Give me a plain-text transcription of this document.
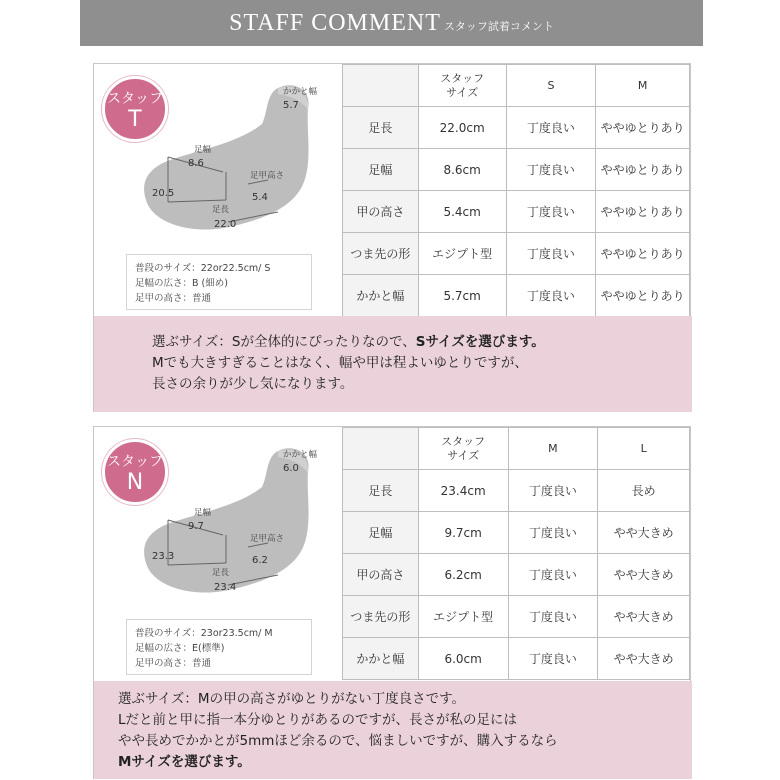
STAFF COMMENT スタッフ試着コメント
かかと幅
5.7
足幅
8.6
20.5
足甲高さ
5.4
足長
22.0
スタッフ
T
普段のサイズ：22or22.5cm/ S
足幅の広さ：B (細め)
足甲の高さ：普通
	スタッフ
サイズ	S	M
足長	22.0cm	丁度良い	ややゆとりあり
足幅	8.6cm	丁度良い	ややゆとりあり
甲の高さ	5.4cm	丁度良い	ややゆとりあり
つま先の形	エジプト型	丁度良い	ややゆとりあり
かかと幅	5.7cm	丁度良い	ややゆとりあり
選ぶサイズ：Sが全体的にぴったりなので、Sサイズを選びます。
Mでも大きすぎることはなく、幅や甲は程よいゆとりですが、
長さの余りが少し気になります。
かかと幅
6.0
足幅
9.7
23.3
足甲高さ
6.2
足長
23.4
スタッフ
N
普段のサイズ：23or23.5cm/ M
足幅の広さ：E(標準)
足甲の高さ：普通
	スタッフ
サイズ	M	L
足長	23.4cm	丁度良い	長め
足幅	9.7cm	丁度良い	やや大きめ
甲の高さ	6.2cm	丁度良い	やや大きめ
つま先の形	エジプト型	丁度良い	やや大きめ
かかと幅	6.0cm	丁度良い	やや大きめ
選ぶサイズ：Mの甲の高さがゆとりがない丁度良さです。
Lだと前と甲に指一本分ゆとりがあるのですが、長さが私の足には
やや長めでかかとが5mmほど余るので、悩ましいですが、購入するなら
Mサイズを選びます。
